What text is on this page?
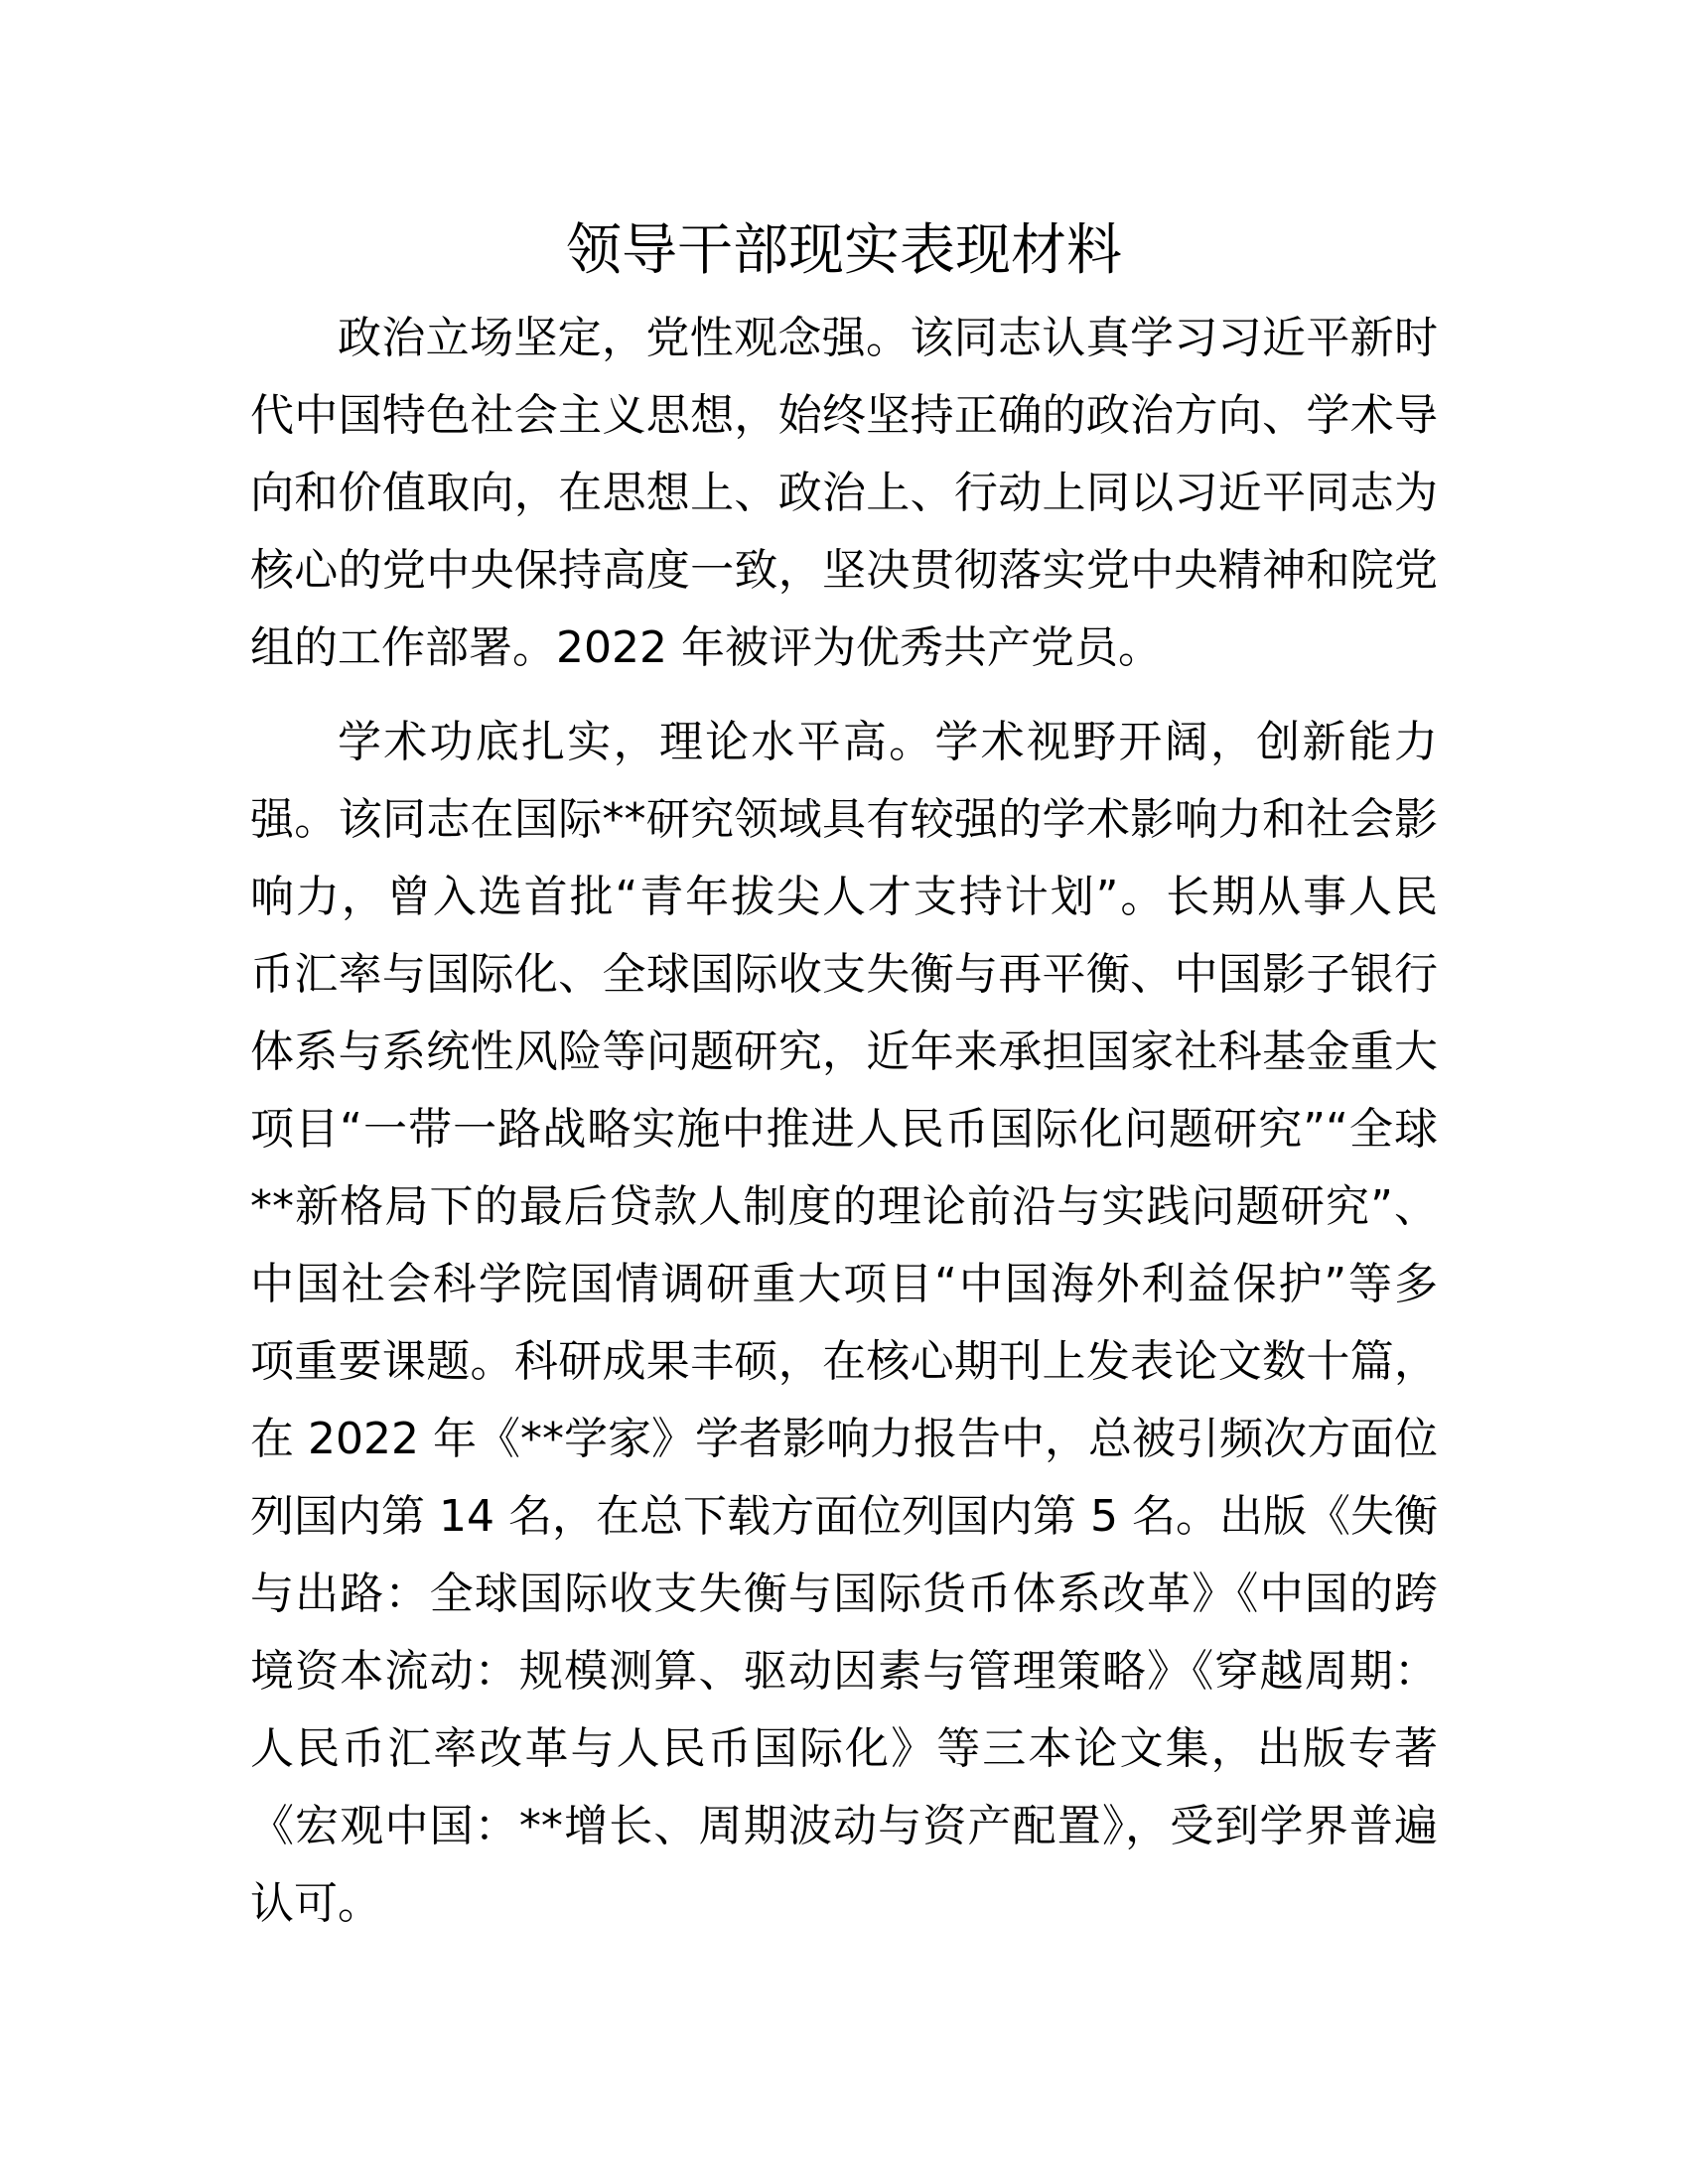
领导干部现实表现材料
政治立场坚定，党性观念强。该同志认真学习习近平新时
代中国特色社会主义思想，始终坚持正确的政治方向、学术导
向和价值取向，在思想上、政治上、行动上同以习近平同志为
核心的党中央保持高度一致，坚决贯彻落实党中央精神和院党
组的工作部署。2022 年被评为优秀共产党员。
学术功底扎实，理论水平高。学术视野开阔，创新能力
强。该同志在国际**研究领域具有较强的学术影响力和社会影
响力，曾入选首批“青年拔尖人才支持计划”。长期从事人民
币汇率与国际化、全球国际收支失衡与再平衡、中国影子银行
体系与系统性风险等问题研究，近年来承担国家社科基金重大
项目“一带一路战略实施中推进人民币国际化问题研究”“全球
**新格局下的最后贷款人制度的理论前沿与实践问题研究”、
中国社会科学院国情调研重大项目“中国海外利益保护”等多
项重要课题。科研成果丰硕，在核心期刊上发表论文数十篇，
在 2022 年《**学家》学者影响力报告中，总被引频次方面位
列国内第 14 名，在总下载方面位列国内第 5 名。出版《失衡
与出路：全球国际收支失衡与国际货币体系改革》《中国的跨
境资本流动：规模测算、驱动因素与管理策略》《穿越周期：
人民币汇率改革与人民币国际化》等三本论文集，出版专著
《宏观中国：**增长、周期波动与资产配置》，受到学界普遍
认可。
